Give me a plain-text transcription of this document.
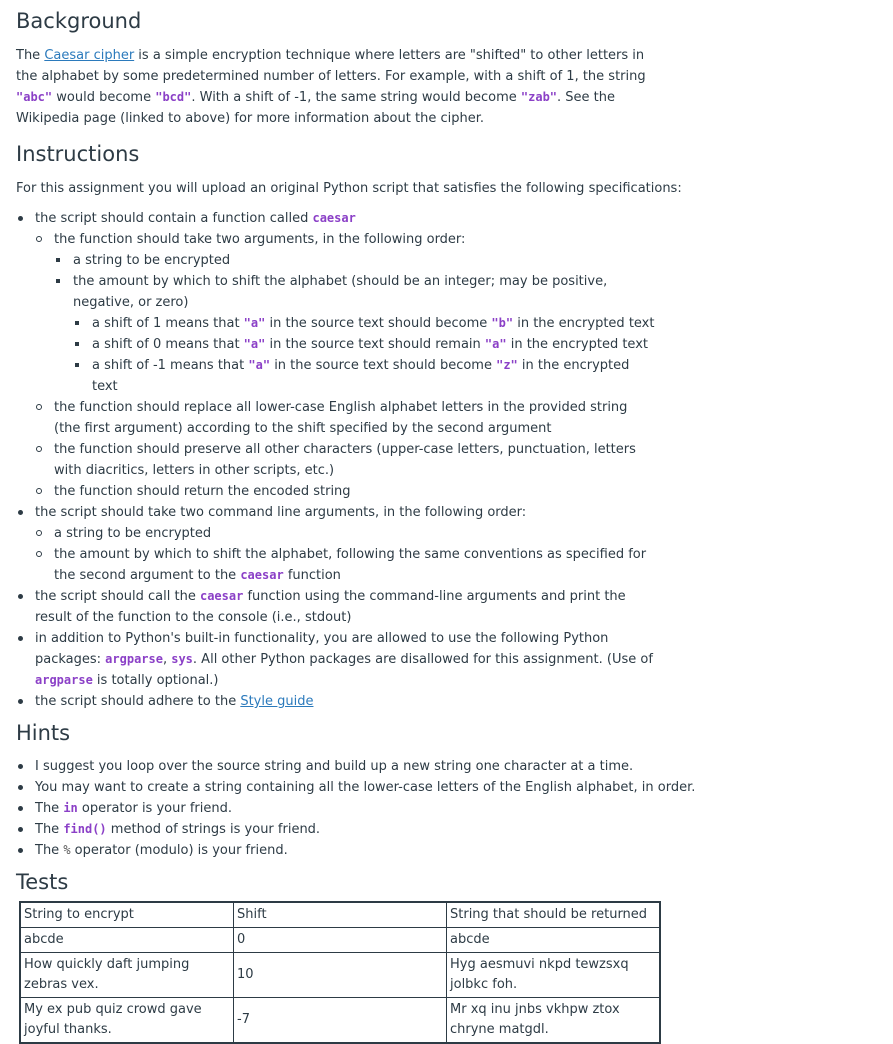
Background

The Caesar cipher is a simple encryption technique where letters are "shifted" to other letters in the alphabet by some predetermined number of letters. For example, with a shift of 1, the string "abc" would become "bcd". With a shift of -1, the same string would become "zab". See the Wikipedia page (linked to above) for more information about the cipher.

Instructions

For this assignment you will upload an original Python script that satisfies the following specifications:

the script should contain a function called caesar
the function should take two arguments, in the following order:
a string to be encrypted
the amount by which to shift the alphabet (should be an integer; may be positive, negative, or zero)
a shift of 1 means that "a" in the source text should become "b" in the encrypted text
a shift of 0 means that "a" in the source text should remain "a" in the encrypted text
a shift of -1 means that "a" in the source text should become "z" in the encrypted text
the function should replace all lower-case English alphabet letters in the provided string (the first argument) according to the shift specified by the second argument
the function should preserve all other characters (upper-case letters, punctuation, letters with diacritics, letters in other scripts, etc.)
the function should return the encoded string
the script should take two command line arguments, in the following order:
a string to be encrypted
the amount by which to shift the alphabet, following the same conventions as specified for the second argument to the caesar function
the script should call the caesar function using the command-line arguments and print the result of the function to the console (i.e., stdout)
in addition to Python's built-in functionality, you are allowed to use the following Python packages: argparse, sys. All other Python packages are disallowed for this assignment. (Use of argparse is totally optional.)
the script should adhere to the Style guide
Hints
I suggest you loop over the source string and build up a new string one character at a time.
You may want to create a string containing all the lower-case letters of the English alphabet, in order.
The in operator is your friend.
The find() method of strings is your friend.
The % operator (modulo) is your friend.
Tests
String to encrypt	Shift	String that should be returned
abcde	0	abcde
How quickly daft jumping zebras vex.	10	Hyg aesmuvi nkpd tewzsxq jolbkc foh.
My ex pub quiz crowd gave joyful thanks.	-7	Mr xq inu jnbs vkhpw ztox chryne matgdl.
